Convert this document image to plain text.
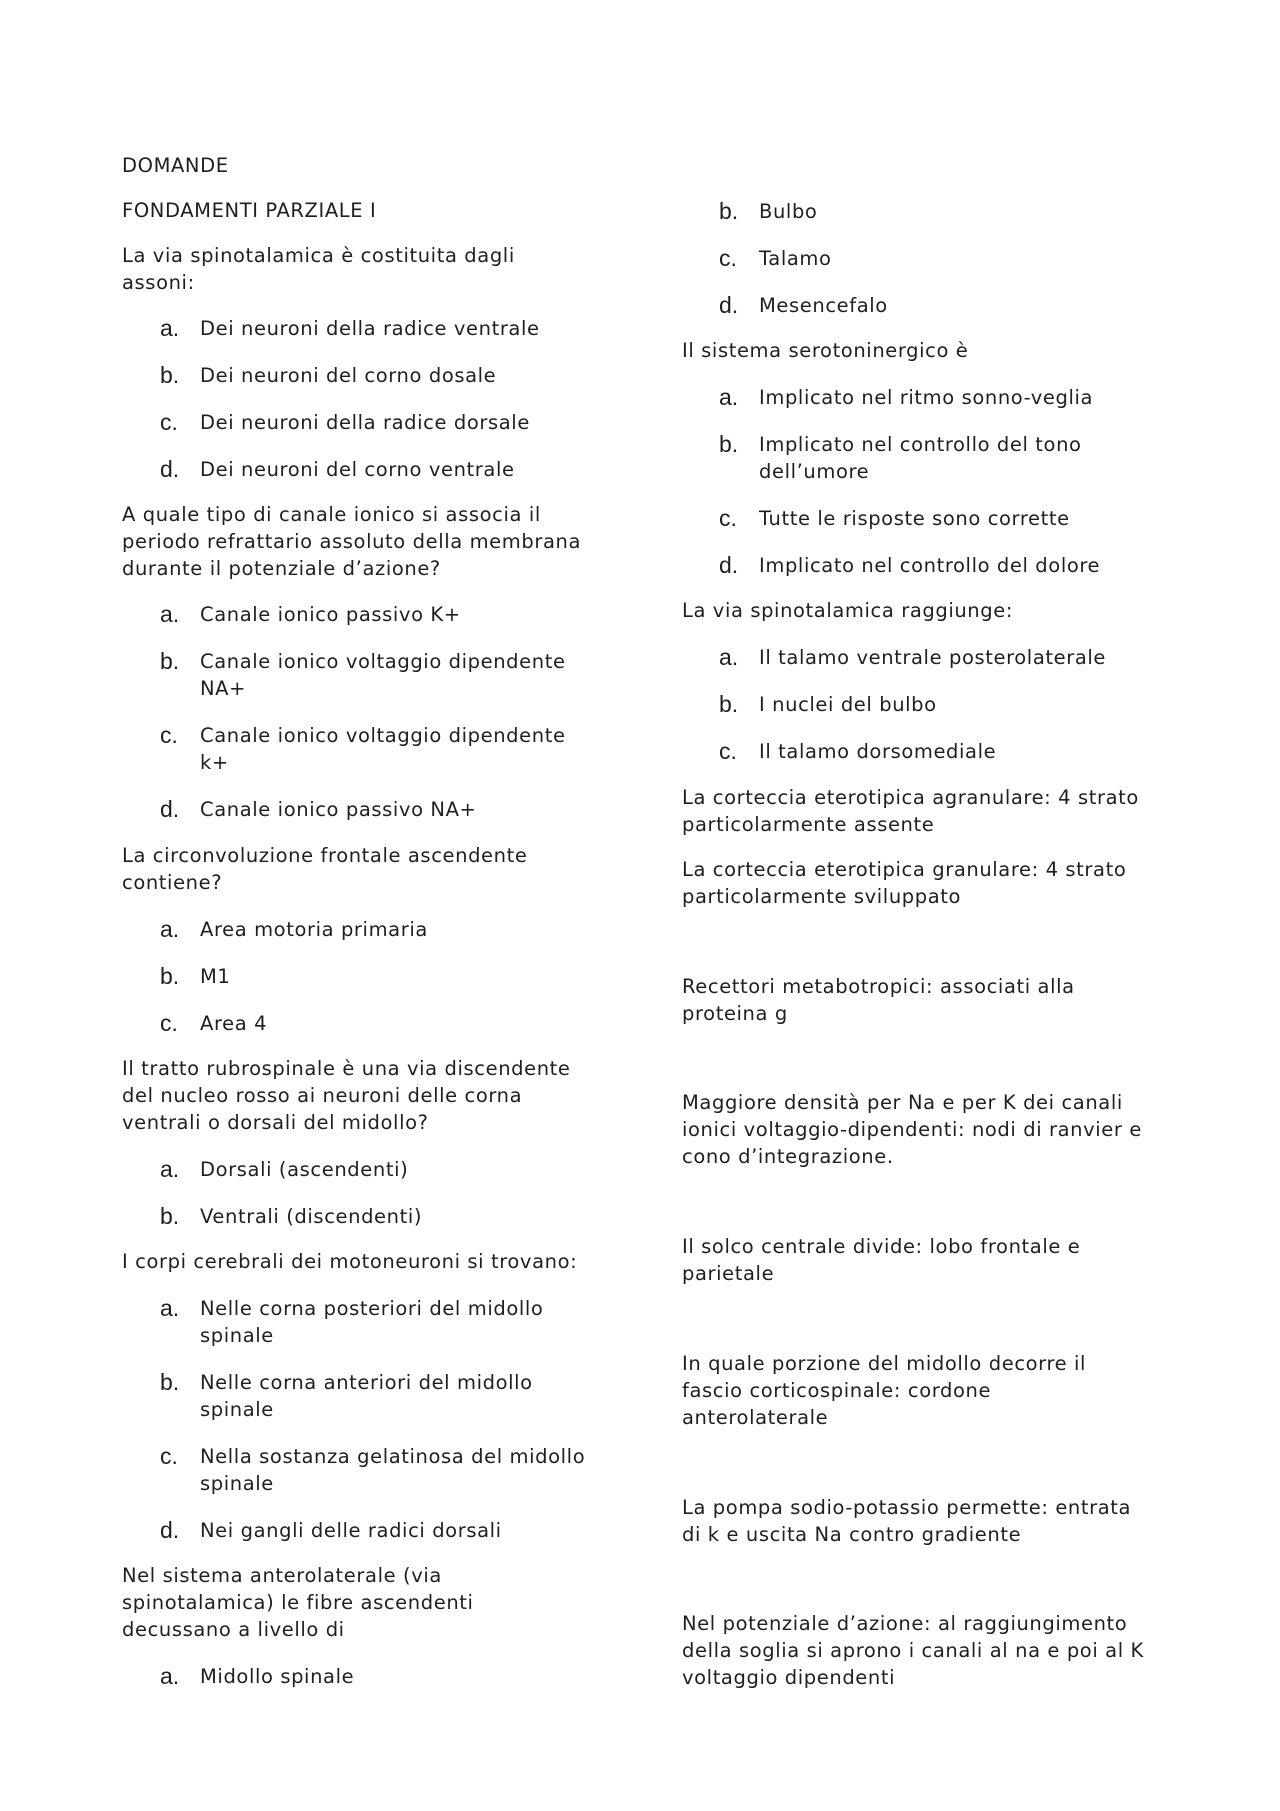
DOMANDE
FONDAMENTI PARZIALE I
La via spinotalamica è costituita dagli
assoni:
a. Dei neuroni della radice ventrale
b. Dei neuroni del corno dosale
c. Dei neuroni della radice dorsale
d. Dei neuroni del corno ventrale
A quale tipo di canale ionico si associa il
periodo refrattario assoluto della membrana
durante il potenziale d’azione?
a. Canale ionico passivo K+
b. Canale ionico voltaggio dipendente
NA+
c. Canale ionico voltaggio dipendente
k+
d. Canale ionico passivo NA+
La circonvoluzione frontale ascendente
contiene?
a. Area motoria primaria
b. M1
c. Area 4
Il tratto rubrospinale è una via discendente
del nucleo rosso ai neuroni delle corna
ventrali o dorsali del midollo?
a. Dorsali (ascendenti)
b. Ventrali (discendenti)
I corpi cerebrali dei motoneuroni si trovano:
a. Nelle corna posteriori del midollo
spinale
b. Nelle corna anteriori del midollo
spinale
c. Nella sostanza gelatinosa del midollo
spinale
d. Nei gangli delle radici dorsali
Nel sistema anterolaterale (via
spinotalamica) le fibre ascendenti
decussano a livello di
a. Midollo spinale
b. Bulbo
c. Talamo
d. Mesencefalo
Il sistema serotoninergico è
a. Implicato nel ritmo sonno-veglia
b. Implicato nel controllo del tono
dell’umore
c. Tutte le risposte sono corrette
d. Implicato nel controllo del dolore
La via spinotalamica raggiunge:
a. Il talamo ventrale posterolaterale
b. I nuclei del bulbo
c. Il talamo dorsomediale
La corteccia eterotipica agranulare: 4 strato
particolarmente assente
La corteccia eterotipica granulare: 4 strato
particolarmente sviluppato
Recettori metabotropici: associati alla
proteina g
Maggiore densità per Na e per K dei canali
ionici voltaggio-dipendenti: nodi di ranvier e
cono d’integrazione.
Il solco centrale divide: lobo frontale e
parietale
In quale porzione del midollo decorre il
fascio corticospinale: cordone
anterolaterale
La pompa sodio-potassio permette: entrata
di k e uscita Na contro gradiente
Nel potenziale d’azione: al raggiungimento
della soglia si aprono i canali al na e poi al K
voltaggio dipendenti
